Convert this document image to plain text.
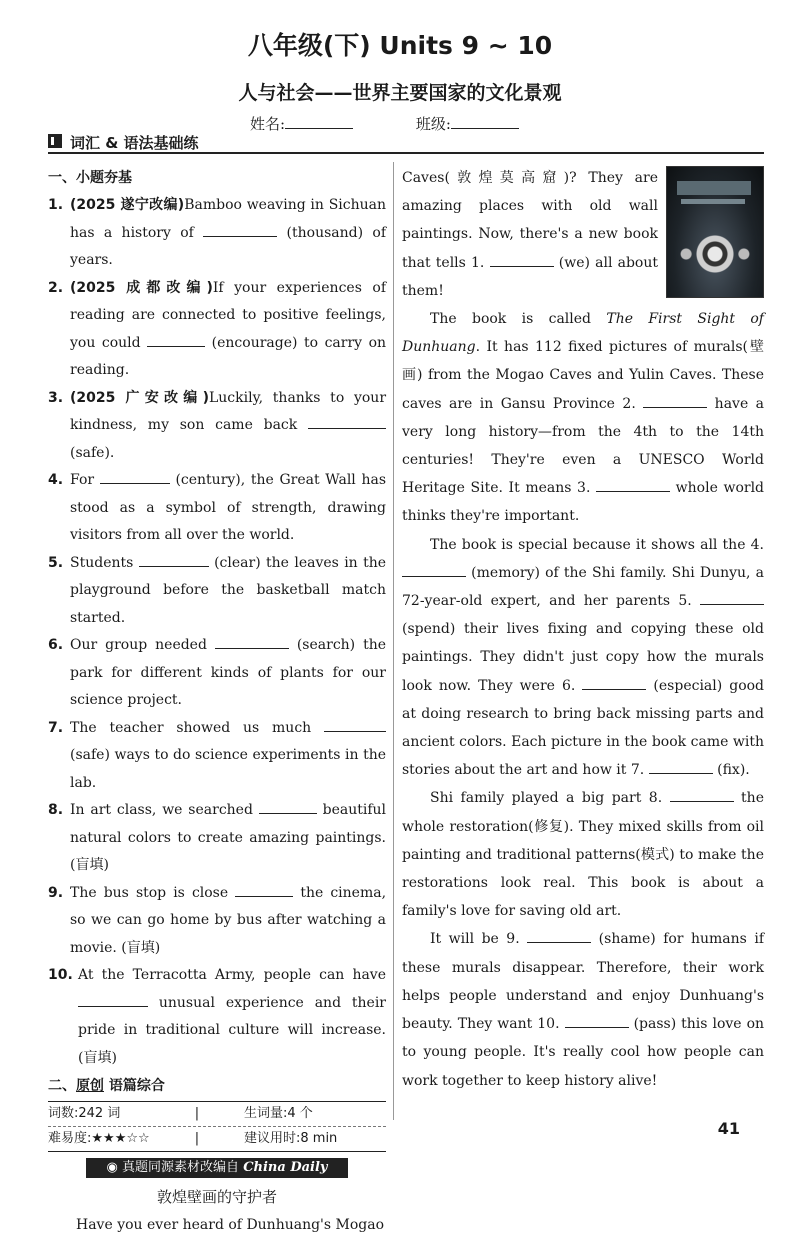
八年级(下) Units 9 ~ 10
人与社会——世界主要国家的文化景观
姓名:	班级:
词汇 & 语法基础练
一、小题夯基
1. (2025 遂宁改编)Bamboo weaving in Sichuan has a history of	(thousand) of years.
2. (2025 成都改编)If your experiences of reading are connected to positive feelings, you could	(encourage) to carry on reading.
3. (2025 广安改编)Luckily, thanks to your kindness, my son came back  (safe).
4. For	(century), the Great Wall has stood as a symbol of strength, drawing visitors from all over the world.
5. Students	(clear) the leaves in the playground before the basketball match started.
6. Our group needed	(search) the park for different kinds of plants for our science project.
7. The teacher showed us much  (safe) ways to do science experiments in the lab.
8. In art class, we searched	beautiful natural colors to create amazing paintings. (盲填)
9. The bus stop is close	the cinema, so we can go home by bus after watching a movie. (盲填)
10. At the Terracotta Army, people can have  unusual experience and their pride in traditional culture will increase. (盲填)
二、原创 语篇综合
词数:242 词	|	生词量:4 个
难易度:★★★☆☆	|	建议用时:8 min
◉ 真题同源素材改编自 China Daily
敦煌壁画的守护者
Have you ever heard of Dunhuang's Mogao
Caves(敦煌莫高窟)? They are amazing places with old wall paintings. Now, there's a new book that tells 1.	(we) all about them!
The book is called The First Sight of Dunhuang. It has 112 fixed pictures of murals(壁画) from the Mogao Caves and Yulin Caves. These caves are in Gansu Province 2.	have a very long history—from the 4th to the 14th centuries! They're even a UNESCO World Heritage Site. It means 3.	whole world thinks they're important.
The book is special because it shows all the 4.  (memory) of the Shi family. Shi Dunyu, a 72-year-old expert, and her parents 5.  (spend) their lives fixing and copying these old paintings. They didn't just copy how the murals look now. They were 6.	(especial) good at doing research to bring back missing parts and ancient colors. Each picture in the book came with stories about the art and how it 7.	(fix).
Shi family played a big part 8.	the whole restoration(修复). They mixed skills from oil painting and traditional patterns(模式) to make the restorations look real. This book is about a family's love for saving old art.
It will be 9.	(shame) for humans if these murals disappear. Therefore, their work helps people understand and enjoy Dunhuang's beauty. They want 10.	(pass) this love on to young people. It's really cool how people can work together to keep history alive!
41
